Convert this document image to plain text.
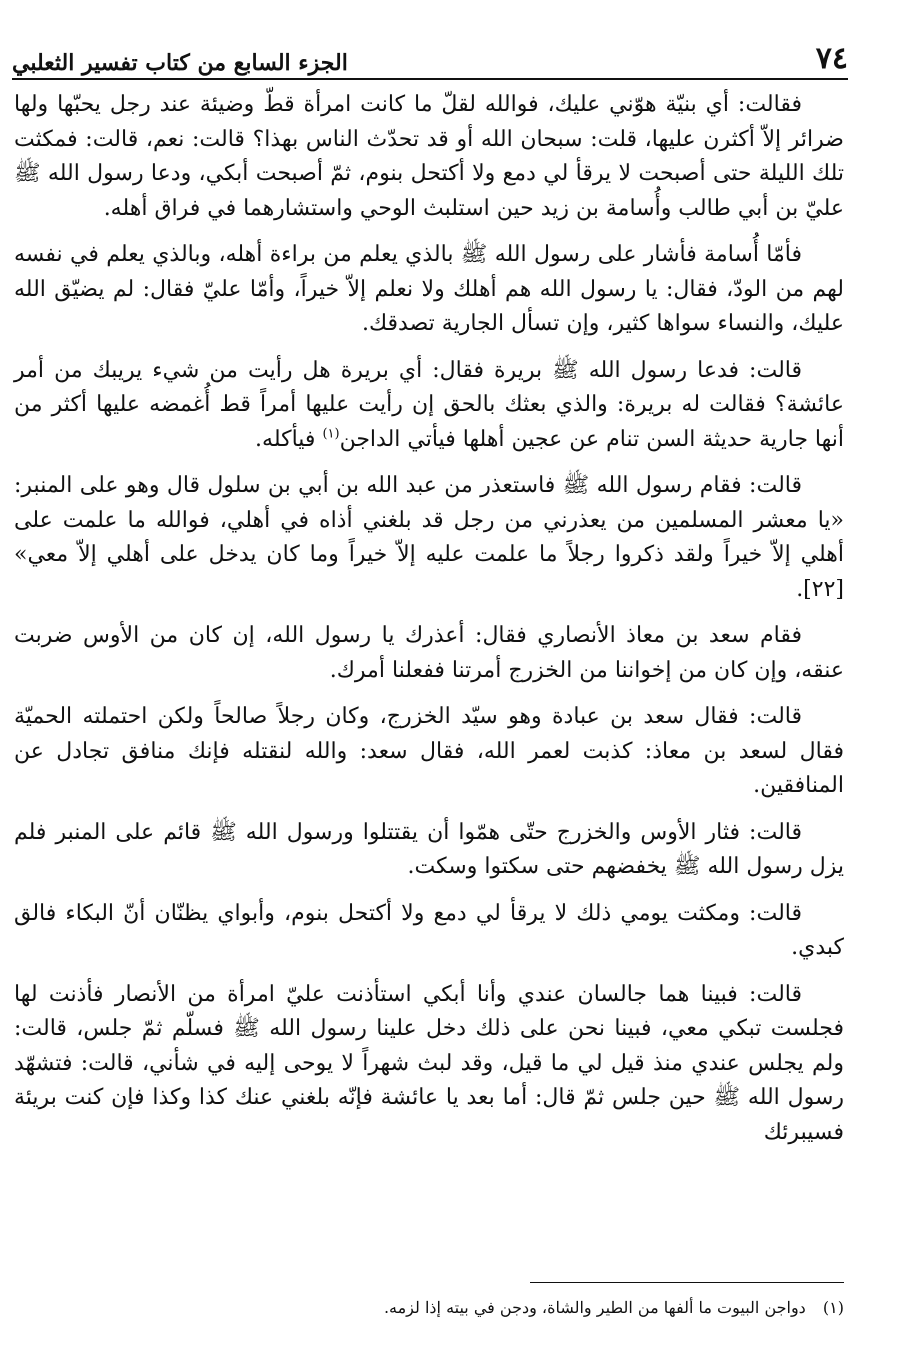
٧٤
الجزء السابع من كتاب تفسير الثعلبي

فقالت: أي بنيّة هوّني عليك، فوالله لقلّ ما كانت امرأة قطّ وضيئة عند رجل يحبّها ولها ضرائر إلاّ أكثرن عليها، قلت: سبحان الله أو قد تحدّث الناس بهذا؟ قالت: نعم، قالت: فمكثت تلك الليلة حتى أصبحت لا يرقأ لي دمع ولا أكتحل بنوم، ثمّ أصبحت أبكي، ودعا رسول الله ﷺ عليّ بن أبي طالب وأُسامة بن زيد حين استلبث الوحي واستشارهما في فراق أهله.

فأمّا أُسامة فأشار على رسول الله ﷺ بالذي يعلم من براءة أهله، وبالذي يعلم في نفسه لهم من الودّ، فقال: يا رسول الله هم أهلك ولا نعلم إلاّ خيراً، وأمّا عليّ فقال: لم يضيّق الله عليك، والنساء سواها كثير، وإن تسأل الجارية تصدقك.

قالت: فدعا رسول الله ﷺ بريرة فقال: أي بريرة هل رأيت من شيء يريبك من أمر عائشة؟ فقالت له بريرة: والذي بعثك بالحق إن رأيت عليها أمراً قط أُغمضه عليها أكثر من أنها جارية حديثة السن تنام عن عجين أهلها فيأتي الداجن$^{(١)}$ فيأكله.

قالت: فقام رسول الله ﷺ فاستعذر من عبد الله بن أبي بن سلول قال وهو على المنبر: «يا معشر المسلمين من يعذرني من رجل قد بلغني أذاه في أهلي، فوالله ما علمت على أهلي إلاّ خيراً ولقد ذكروا رجلاً ما علمت عليه إلاّ خيراً وما كان يدخل على أهلي إلاّ معي» [٢٢].

فقام سعد بن معاذ الأنصاري فقال: أعذرك يا رسول الله، إن كان من الأوس ضربت عنقه، وإن كان من إخواننا من الخزرج أمرتنا ففعلنا أمرك.

قالت: فقال سعد بن عبادة وهو سيّد الخزرج، وكان رجلاً صالحاً ولكن احتملته الحميّة فقال لسعد بن معاذ: كذبت لعمر الله، فقال سعد: والله لنقتله فإنك منافق تجادل عن المنافقين.

قالت: فثار الأوس والخزرج حتّى همّوا أن يقتتلوا ورسول الله ﷺ قائم على المنبر فلم يزل رسول الله ﷺ يخفضهم حتى سكتوا وسكت.

قالت: ومكثت يومي ذلك لا يرقأ لي دمع ولا أكتحل بنوم، وأبواي يظنّان أنّ البكاء فالق كبدي.

قالت: فبينا هما جالسان عندي وأنا أبكي استأذنت عليّ امرأة من الأنصار فأذنت لها فجلست تبكي معي، فبينا نحن على ذلك دخل علينا رسول الله ﷺ فسلّم ثمّ جلس، قالت: ولم يجلس عندي منذ قيل لي ما قيل، وقد لبث شهراً لا يوحى إليه في شأني، قالت: فتشهّد رسول الله ﷺ حين جلس ثمّ قال: أما بعد يا عائشة فإنّه بلغني عنك كذا وكذا فإن كنت بريئة فسيبرئك

(١) دواجن البيوت ما ألفها من الطير والشاة، ودجن في بيته إذا لزمه.
